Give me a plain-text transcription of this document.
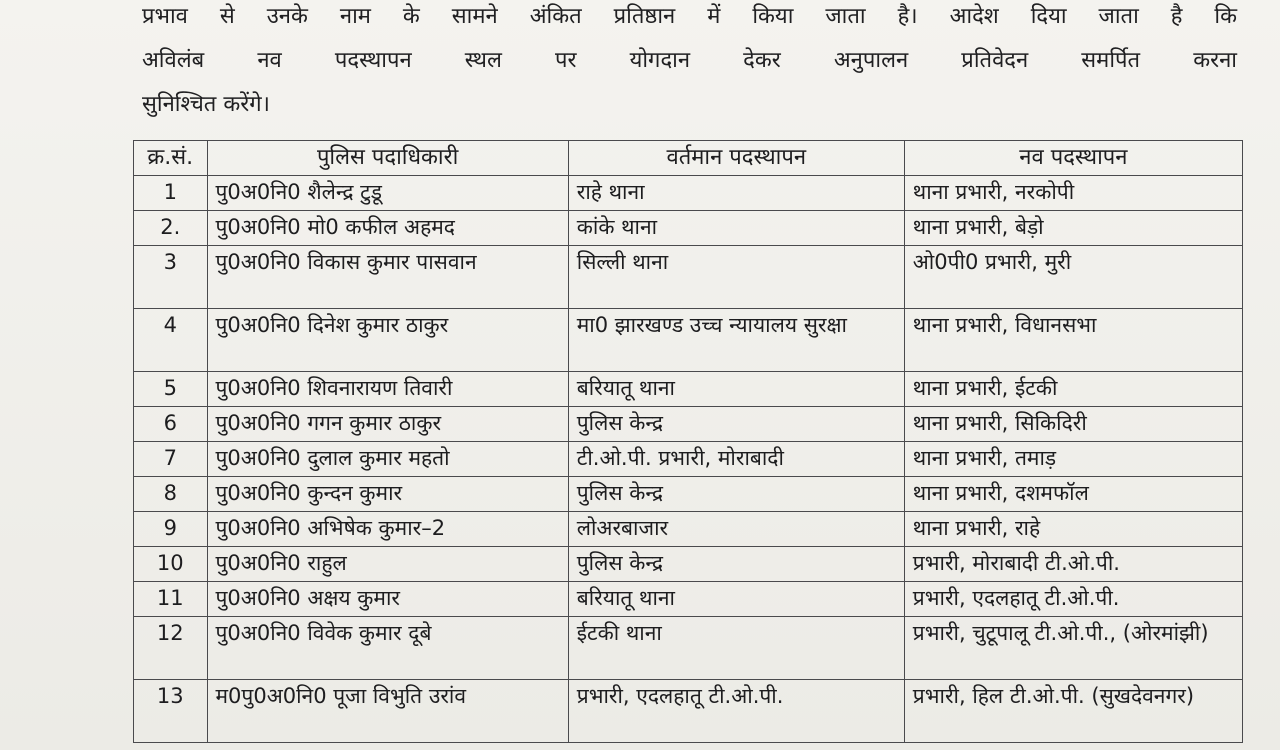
प्रभाव से उनके नाम के सामने अंकित प्रतिष्ठान में किया जाता है। आदेश दिया जाता है कि
अविलंब नव पदस्थापन स्थल पर योगदान देकर अनुपालन प्रतिवेदन समर्पित करना
सुनिश्चित करेंगे।
क्र.सं.	पुलिस पदाधिकारी	वर्तमान पदस्थापन	नव पदस्थापन
1	पु0अ0नि0 शैलेन्द्र टुडू	राहे थाना	थाना प्रभारी, नरकोपी
2.	पु0अ0नि0 मो0 कफील अहमद	कांके थाना	थाना प्रभारी, बेड़ो
3	पु0अ0नि0 विकास कुमार पासवान	सिल्ली थाना	ओ0पी0 प्रभारी, मुरी
4	पु0अ0नि0 दिनेश कुमार ठाकुर	मा0 झारखण्ड उच्च न्यायालय सुरक्षा	थाना प्रभारी, विधानसभा
5	पु0अ0नि0 शिवनारायण तिवारी	बरियातू थाना	थाना प्रभारी, ईटकी
6	पु0अ0नि0 गगन कुमार ठाकुर	पुलिस केन्द्र	थाना प्रभारी, सिकिदिरी
7	पु0अ0नि0 दुलाल कुमार महतो	टी.ओ.पी. प्रभारी, मोराबादी	थाना प्रभारी, तमाड़
8	पु0अ0नि0 कुन्दन कुमार	पुलिस केन्द्र	थाना प्रभारी, दशमफॉल
9	पु0अ0नि0 अभिषेक कुमार–2	लोअरबाजार	थाना प्रभारी, राहे
10	पु0अ0नि0 राहुल	पुलिस केन्द्र	प्रभारी, मोराबादी टी.ओ.पी.
11	पु0अ0नि0 अक्षय कुमार	बरियातू थाना	प्रभारी, एदलहातू टी.ओ.पी.
12	पु0अ0नि0 विवेक कुमार दूबे	ईटकी थाना	प्रभारी, चुटूपालू टी.ओ.पी., (ओरमांझी)
13	म0पु0अ0नि0 पूजा विभुति उरांव	प्रभारी, एदलहातू टी.ओ.पी.	प्रभारी, हिल टी.ओ.पी. (सुखदेवनगर)
